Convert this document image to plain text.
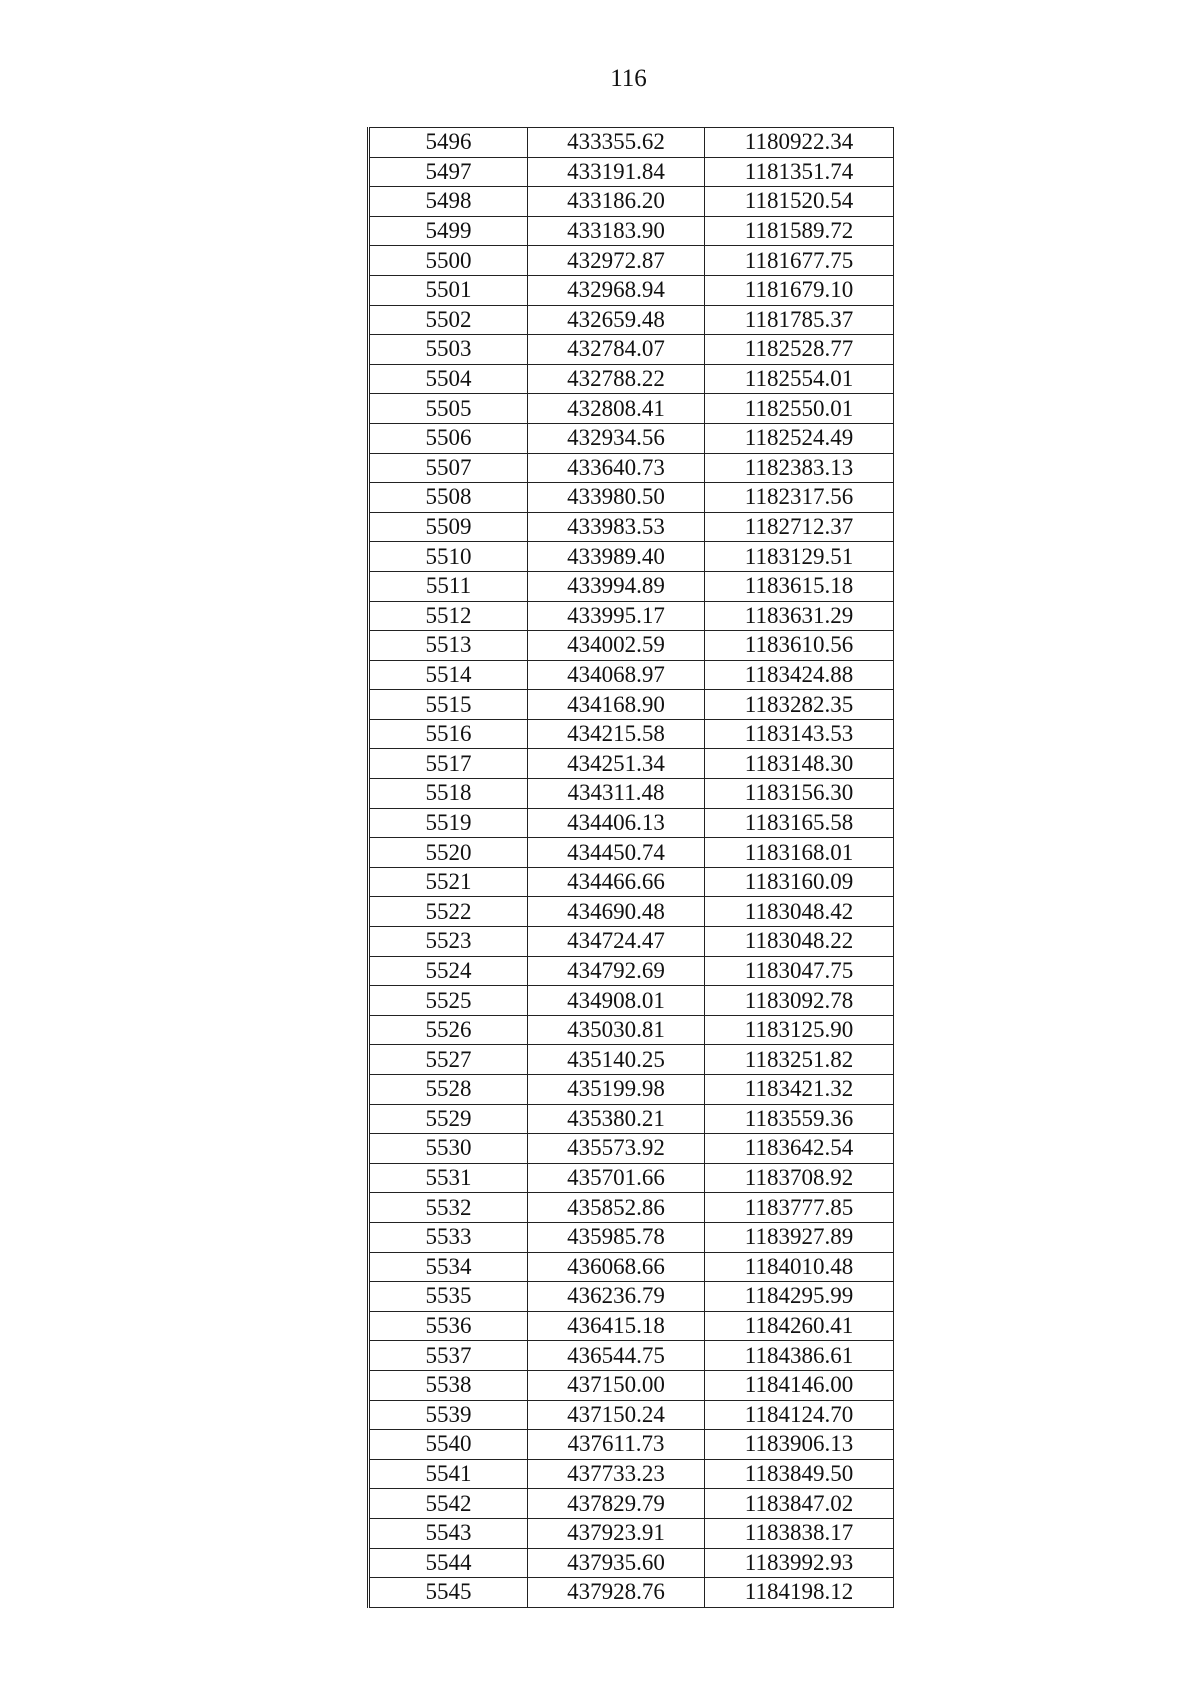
116
5496	433355.62	1180922.34
5497	433191.84	1181351.74
5498	433186.20	1181520.54
5499	433183.90	1181589.72
5500	432972.87	1181677.75
5501	432968.94	1181679.10
5502	432659.48	1181785.37
5503	432784.07	1182528.77
5504	432788.22	1182554.01
5505	432808.41	1182550.01
5506	432934.56	1182524.49
5507	433640.73	1182383.13
5508	433980.50	1182317.56
5509	433983.53	1182712.37
5510	433989.40	1183129.51
5511	433994.89	1183615.18
5512	433995.17	1183631.29
5513	434002.59	1183610.56
5514	434068.97	1183424.88
5515	434168.90	1183282.35
5516	434215.58	1183143.53
5517	434251.34	1183148.30
5518	434311.48	1183156.30
5519	434406.13	1183165.58
5520	434450.74	1183168.01
5521	434466.66	1183160.09
5522	434690.48	1183048.42
5523	434724.47	1183048.22
5524	434792.69	1183047.75
5525	434908.01	1183092.78
5526	435030.81	1183125.90
5527	435140.25	1183251.82
5528	435199.98	1183421.32
5529	435380.21	1183559.36
5530	435573.92	1183642.54
5531	435701.66	1183708.92
5532	435852.86	1183777.85
5533	435985.78	1183927.89
5534	436068.66	1184010.48
5535	436236.79	1184295.99
5536	436415.18	1184260.41
5537	436544.75	1184386.61
5538	437150.00	1184146.00
5539	437150.24	1184124.70
5540	437611.73	1183906.13
5541	437733.23	1183849.50
5542	437829.79	1183847.02
5543	437923.91	1183838.17
5544	437935.60	1183992.93
5545	437928.76	1184198.12
